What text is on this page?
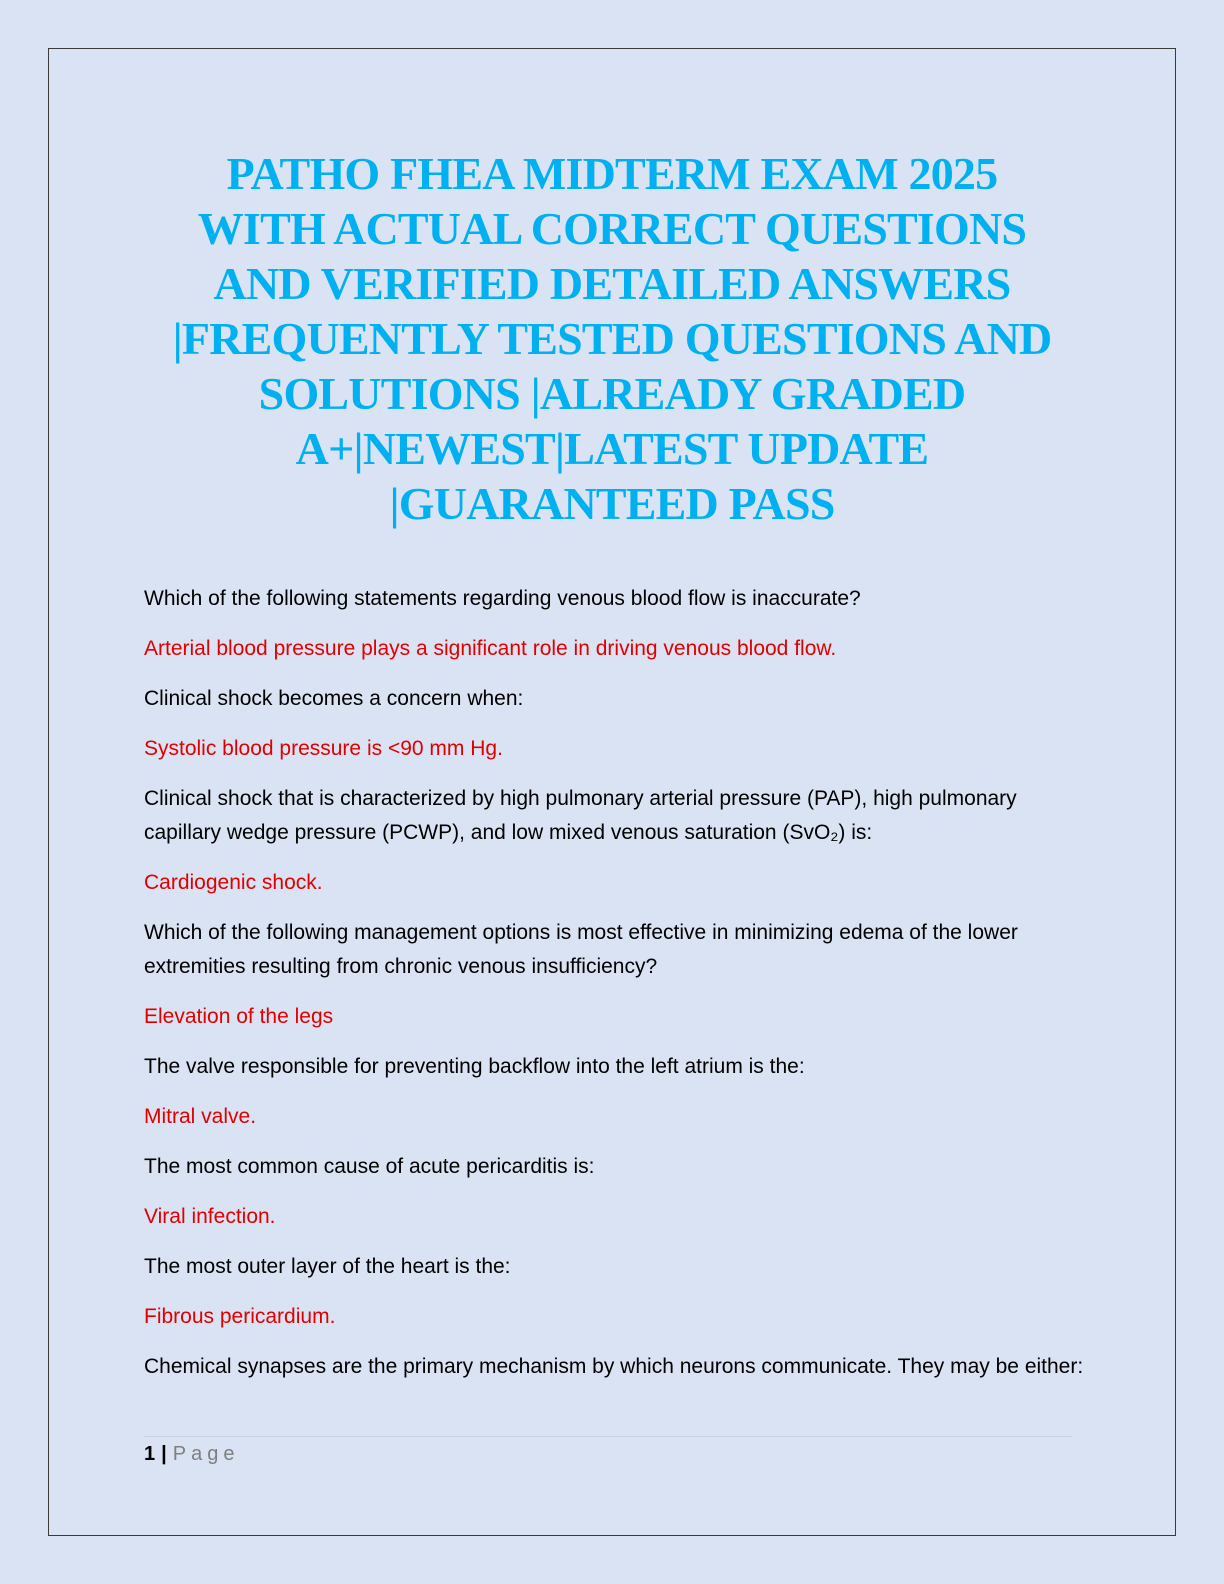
PATHO FHEA MIDTERM EXAM 2025
WITH ACTUAL CORRECT QUESTIONS
AND VERIFIED DETAILED ANSWERS
|FREQUENTLY TESTED QUESTIONS AND
SOLUTIONS |ALREADY GRADED
A+|NEWEST|LATEST UPDATE
|GUARANTEED PASS

Which of the following statements regarding venous blood flow is inaccurate?

Arterial blood pressure plays a significant role in driving venous blood flow.

Clinical shock becomes a concern when:

Systolic blood pressure is <90 mm Hg.

Clinical shock that is characterized by high pulmonary arterial pressure (PAP), high pulmonary capillary wedge pressure (PCWP), and low mixed venous saturation (SvO₂) is:

Cardiogenic shock.

Which of the following management options is most effective in minimizing edema of the lower extremities resulting from chronic venous insufficiency?

Elevation of the legs

The valve responsible for preventing backflow into the left atrium is the:

Mitral valve.

The most common cause of acute pericarditis is:

Viral infection.

The most outer layer of the heart is the:

Fibrous pericardium.

Chemical synapses are the primary mechanism by which neurons communicate. They may be either:

1 | Page
